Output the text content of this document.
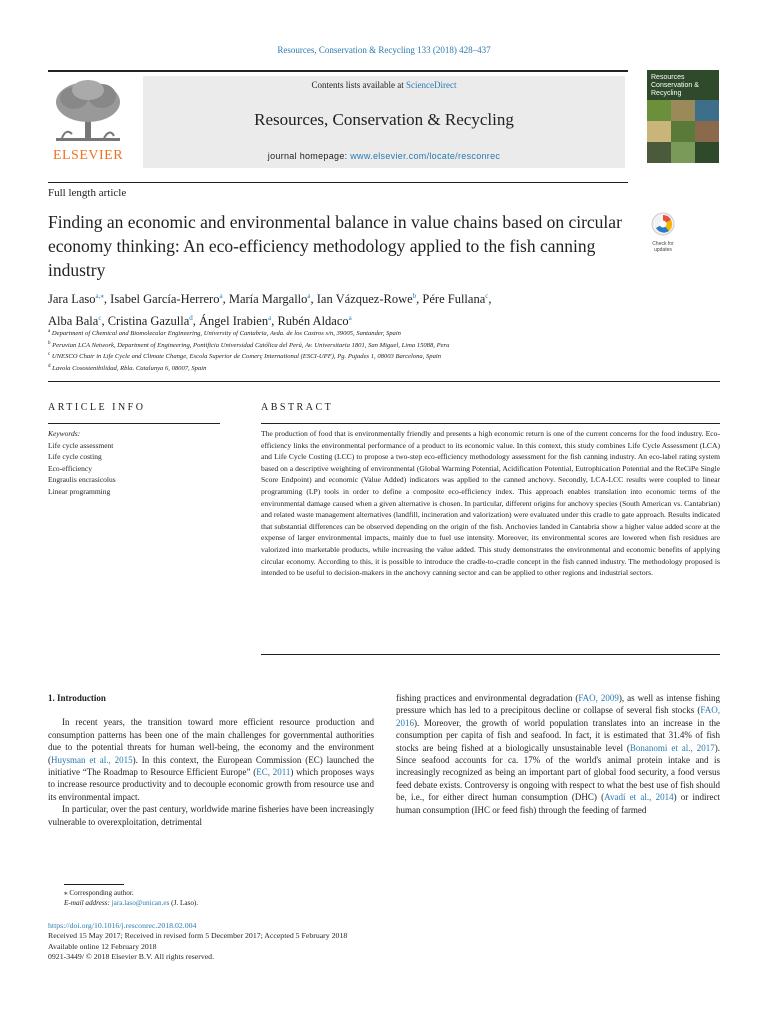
Resources, Conservation & Recycling 133 (2018) 428–437
ELSEVIER
Contents lists available at ScienceDirect
Resources, Conservation & Recycling
journal homepage: www.elsevier.com/locate/resconrec
Resources
Conservation &
Recycling
Full length article
Finding an economic and environmental balance in value chains based on circular economy thinking: An eco-efficiency methodology applied to the fish canning industry
Check for updates
Jara Laso$^{a,⁎}$, Isabel García-Herrero$^a$, María Margallo$^a$, Ian Vázquez-Rowe$^b$, Pére Fullana$^c$,
Alba Bala$^c$, Cristina Gazulla$^d$, Ángel Irabien$^a$, Rubén Aldaco$^a$
$^a$ Department of Chemical and Biomolecular Engineering, University of Cantabria, Avda. de los Castros s/n, 39005, Santander, Spain
$^b$ Peruvian LCA Network, Department of Engineering, Pontificia Universidad Católica del Perú, Av. Universitaria 1801, San Miguel, Lima 15088, Peru
$^c$ UNESCO Chair in Life Cycle and Climate Change, Escola Superior de Comerç International (ESCI-UPF), Pg. Pujades 1, 08003 Barcelona, Spain
$^d$ Lavola Cosostenibilidad, Rbla. Catalunya 6, 08007, Spain
ARTICLE INFO
Keywords:
Life cycle assessment
Life cycle costing
Eco-efficiency
Engraulis encrasicolus
Linear programming
ABSTRACT
The production of food that is environmentally friendly and presents a high economic return is one of the current concerns for the food industry. Eco-efficiency links the environmental performance of a product to its economic value. In this context, this study combines Life Cycle Assessment (LCA) and Life Cycle Costing (LCC) to propose a two-step eco-efficiency methodology assessment for the fish canning industry. An eco-label rating system based on a descriptive weighting of environmental (Global Warming Potential, Acidification Potential, Eutrophication Potential and the ReCiPe Single Score Endpoint) and economic (Value Added) indicators was applied to the canned anchovy. Secondly, LCA-LCC results were coupled to linear programming (LP) tools in order to define a composite eco-efficiency index. This approach enables translation into economic terms of the environmental damage caused when a given alternative is chosen. In particular, different origins for anchovy species (South American vs. Cantabrian) and related waste management alternatives (landfill, incineration and valorization) were evaluated under this cradle to gate approach. Results indicated that substantial differences can be observed depending on the origin of the fish. Anchovies landed in Cantabria show a higher value added score at the expense of larger environmental impacts, mainly due to fuel use intensity. Moreover, its environmental scores are lowered when fish residues are valorized into marketable products, while increasing the value added. This study demonstrates the environmental and economic benefits of applying circular economy. According to this, it is possible to introduce the cradle-to-cradle concept in the fish canned industry. The methodology proposed is intended to be useful to decision-makers in the anchovy canning sector and can be applied to other regions and industrial sectors.

1. Introduction

In recent years, the transition toward more efficient resource production and consumption patterns has been one of the main challenges for governmental authorities due to the potential threats for human well-being, the economy and the environment (Huysman et al., 2015). In this context, the European Commission (EC) launched the initiative “The Roadmap to Resource Efficient Europe” (EC, 2011) which proposes ways to increase resource productivity and to decouple economic growth from resource use and its environmental impact.

In particular, over the past century, worldwide marine fisheries have been increasingly vulnerable to overexploitation, detrimental

fishing practices and environmental degradation (FAO, 2009), as well as intense fishing pressure which has led to a precipitous decline or collapse of several fish stocks (FAO, 2016). Moreover, the growth of world population translates into an increase in the consumption per capita of fish and seafood. In fact, it is estimated that 31.4% of fish stocks are being fished at a biologically unsustainable level (Bonanomi et al., 2017). Since seafood accounts for ca. 17% of the world's animal protein intake and is increasingly recognized as being an important part of global food security, a food versus feed debate exists. Controversy is ongoing with respect to what the best use of fish should be, i.e., for either direct human consumption (DHC) (Avadí et al., 2014) or indirect human consumption (IHC or feed fish) through the feeding of farmed

⁎ Corresponding author.
E-mail address: jara.laso@unican.es (J. Laso).
https://doi.org/10.1016/j.resconrec.2018.02.004
Received 15 May 2017; Received in revised form 5 December 2017; Accepted 5 February 2018
Available online 12 February 2018
0921-3449/ © 2018 Elsevier B.V. All rights reserved.
